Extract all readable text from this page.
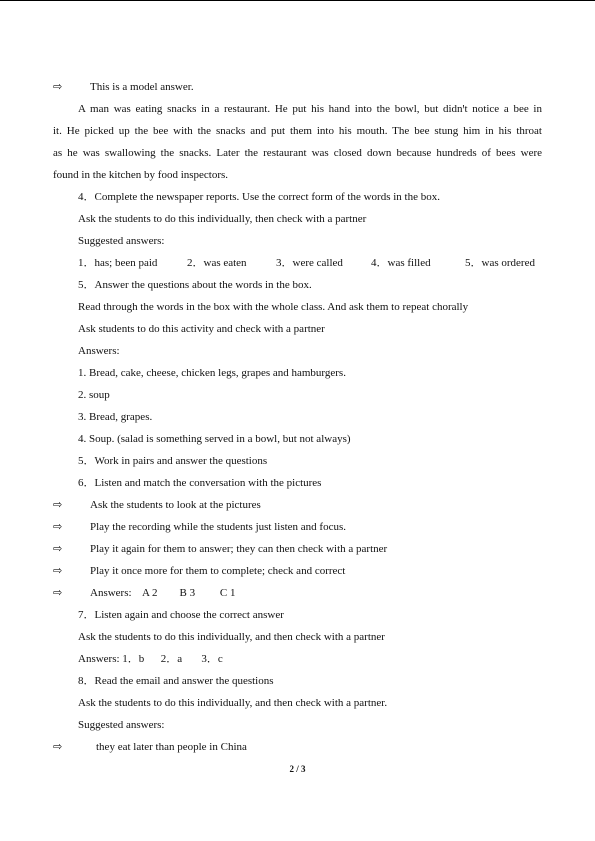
⇨	This is a model answer.
A man was eating snacks in a restaurant. He put his hand into the bowl, but didnꞌt notice a bee in
it. He picked up the bee with the snacks and put them into his mouth. The bee stung him in his throat
as he was swallowing the snacks. Later the restaurant was closed down because hundreds of bees were
found in the kitchen by food inspectors.
4．Complete the newspaper reports. Use the correct form of the words in the box.
Ask the students to do this individually, then check with a partner
Suggested answers:
1．has; been paid	2．was eaten	3．were called	4．was filled	5．was ordered
5．Answer the questions about the words in the box.
Read through the words in the box with the whole class. And ask them to repeat chorally
Ask students to do this activity and check with a partner
Answers:
1. Bread, cake, cheese, chicken legs, grapes and hamburgers.
2. soup
3. Bread, grapes.
4. Soup. (salad is something served in a bowl, but not always)
5．Work in pairs and answer the questions
6．Listen and match the conversation with the pictures
⇨	Ask the students to look at the pictures
⇨	Play the recording while the students just listen and focus.
⇨	Play it again for them to answer; they can then check with a partner
⇨	Play it once more for them to complete; check and correct
⇨	Answers:    A 2        B 3         C 1
7．Listen again and choose the correct answer
Ask the students to do this individually, and then check with a partner
Answers: 1．b      2．a       3．c
8．Read the email and answer the questions
Ask the students to do this individually, and then check with a partner.
Suggested answers:
⇨	they eat later than people in China
2 / 3
